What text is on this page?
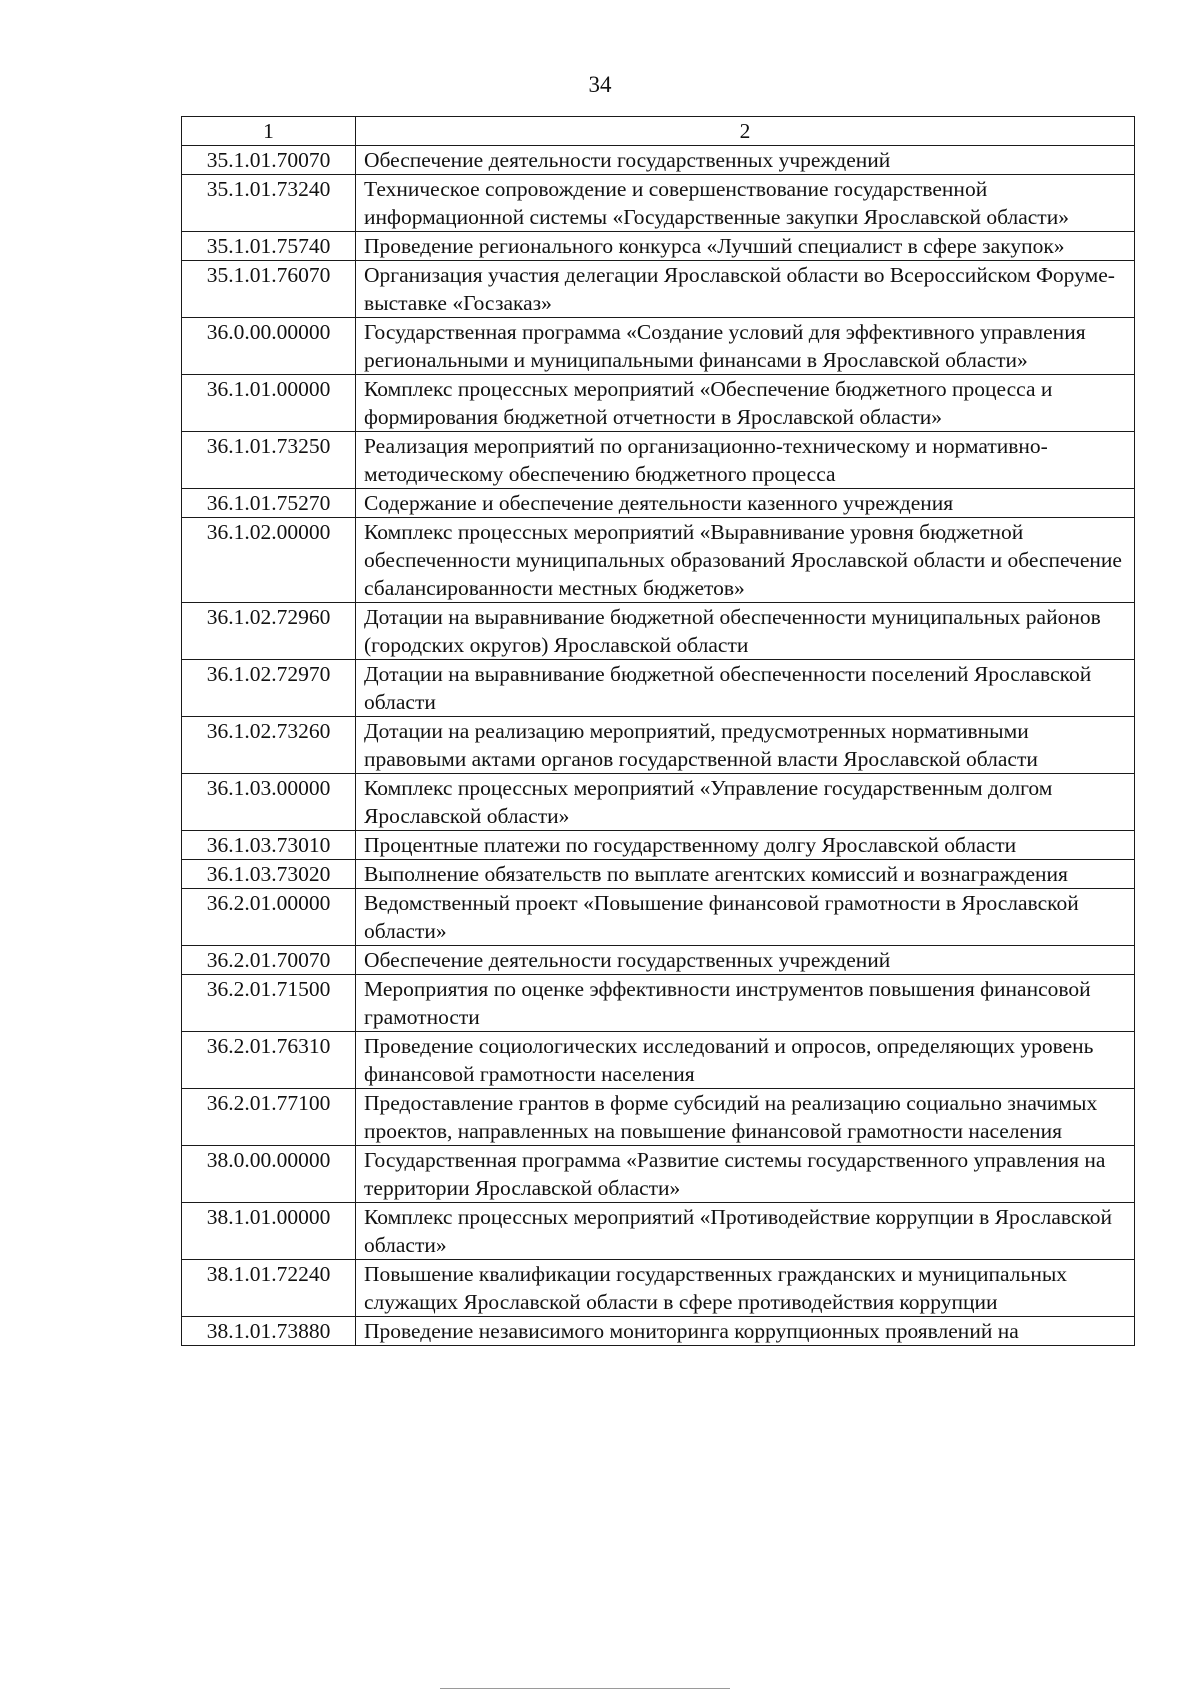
34
1	2
35.1.01.70070	Обеспечение деятельности государственных учреждений
35.1.01.73240	Техническое сопровождение и совершенствование государственной информационной системы «Государственные закупки Ярославской области»
35.1.01.75740	Проведение регионального конкурса «Лучший специалист в сфере закупок»
35.1.01.76070	Организация участия делегации Ярославской области во Всероссийском Форуме-выставке «Госзаказ»
36.0.00.00000	Государственная программа «Создание условий для эффективного управления региональными и муниципальными финансами в Ярославской области»
36.1.01.00000	Комплекс процессных мероприятий «Обеспечение бюджетного процесса и формирования бюджетной отчетности в Ярославской области»
36.1.01.73250	Реализация мероприятий по организационно-техническому и нормативно-методическому обеспечению бюджетного процесса
36.1.01.75270	Содержание и обеспечение деятельности казенного учреждения
36.1.02.00000	Комплекс процессных мероприятий «Выравнивание уровня бюджетной обеспеченности муниципальных образований Ярославской области и обеспечение сбалансированности местных бюджетов»
36.1.02.72960	Дотации на выравнивание бюджетной обеспеченности муниципальных районов (городских округов) Ярославской области
36.1.02.72970	Дотации на выравнивание бюджетной обеспеченности поселений Ярославской области
36.1.02.73260	Дотации на реализацию мероприятий, предусмотренных нормативными правовыми актами органов государственной власти Ярославской области
36.1.03.00000	Комплекс процессных мероприятий «Управление государственным долгом Ярославской области»
36.1.03.73010	Процентные платежи по государственному долгу Ярославской области
36.1.03.73020	Выполнение обязательств по выплате агентских комиссий и вознаграждения
36.2.01.00000	Ведомственный проект «Повышение финансовой грамотности в Ярославской области»
36.2.01.70070	Обеспечение деятельности государственных учреждений
36.2.01.71500	Мероприятия по оценке эффективности инструментов повышения финансовой грамотности
36.2.01.76310	Проведение социологических исследований и опросов, определяющих уровень финансовой грамотности населения
36.2.01.77100	Предоставление грантов в форме субсидий на реализацию социально значимых проектов, направленных на повышение финансовой грамотности населения
38.0.00.00000	Государственная программа «Развитие системы государственного управления на территории Ярославской области»
38.1.01.00000	Комплекс процессных мероприятий «Противодействие коррупции в Ярославской области»
38.1.01.72240	Повышение квалификации государственных гражданских и муниципальных служащих Ярославской области в сфере противодействия коррупции
38.1.01.73880	Проведение независимого мониторинга коррупционных проявлений на
